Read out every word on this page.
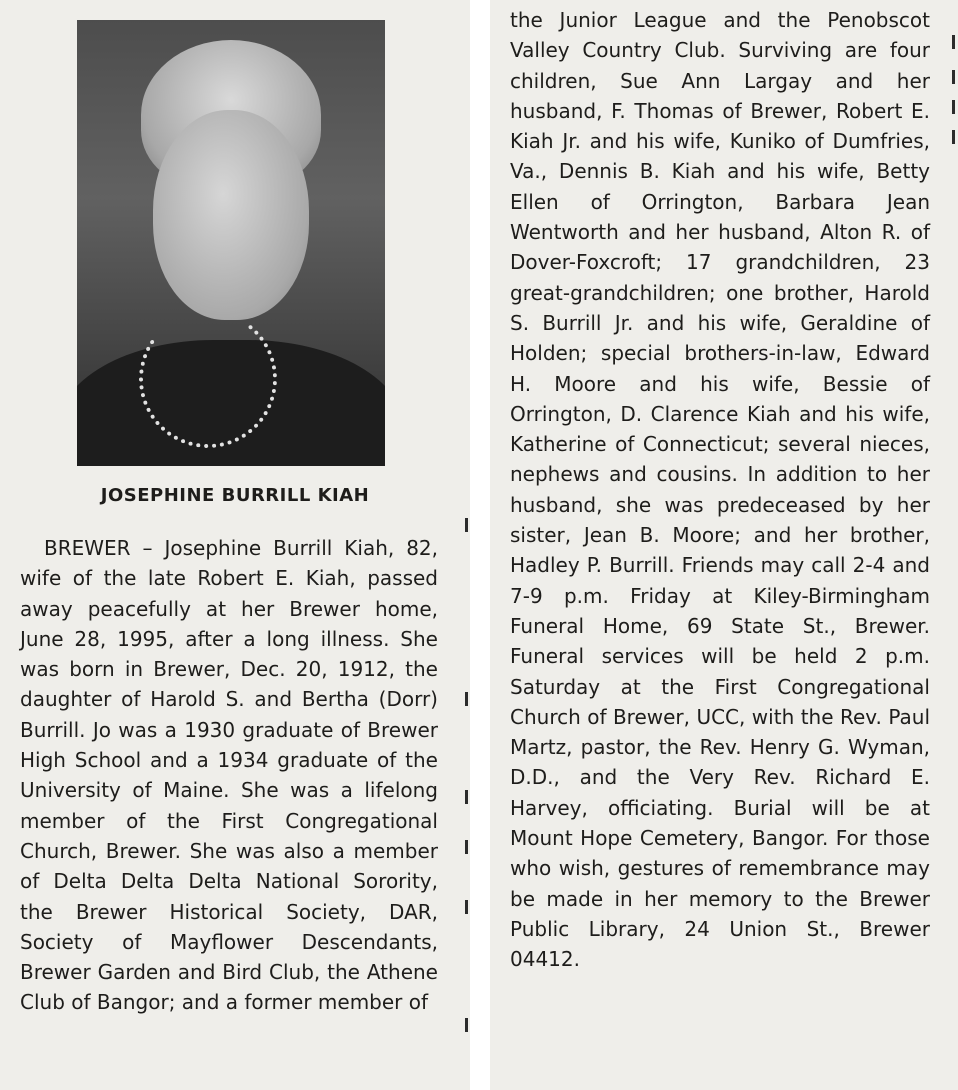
JOSEPHINE BURRILL KIAH

BREWER – Josephine Burrill Kiah, 82, wife of the late Robert E. Kiah, passed away peacefully at her Brewer home, June 28, 1995, after a long illness. She was born in Brewer, Dec. 20, 1912, the daughter of Harold S. and Bertha (Dorr) Burrill. Jo was a 1930 graduate of Brewer High School and a 1934 graduate of the University of Maine. She was a lifelong member of the First Congregational Church, Brewer. She was also a member of Delta Delta Delta National Sorority, the Brewer Historical Society, DAR, Society of Mayflower Descendants, Brewer Garden and Bird Club, the Athene Club of Bangor; and a former member of

the Junior League and the Penobscot Valley Country Club. Surviving are four children, Sue Ann Largay and her husband, F. Thomas of Brewer, Robert E. Kiah Jr. and his wife, Kuniko of Dumfries, Va., Dennis B. Kiah and his wife, Betty Ellen of Orrington, Barbara Jean Wentworth and her husband, Alton R. of Dover-Foxcroft; 17 grandchildren, 23 great-grandchildren; one brother, Harold S. Burrill Jr. and his wife, Geraldine of Holden; special brothers-in-law, Edward H. Moore and his wife, Bessie of Orrington, D. Clarence Kiah and his wife, Katherine of Connecticut; several nieces, nephews and cousins. In addition to her husband, she was predeceased by her sister, Jean B. Moore; and her brother, Hadley P. Burrill. Friends may call 2-4 and 7-9 p.m. Friday at Kiley-Birmingham Funeral Home, 69 State St., Brewer. Funeral services will be held 2 p.m. Saturday at the First Congregational Church of Brewer, UCC, with the Rev. Paul Martz, pastor, the Rev. Henry G. Wyman, D.D., and the Very Rev. Richard E. Harvey, officiating. Burial will be at Mount Hope Cemetery, Bangor. For those who wish, gestures of remembrance may be made in her memory to the Brewer Public Library, 24 Union St., Brewer 04412.
